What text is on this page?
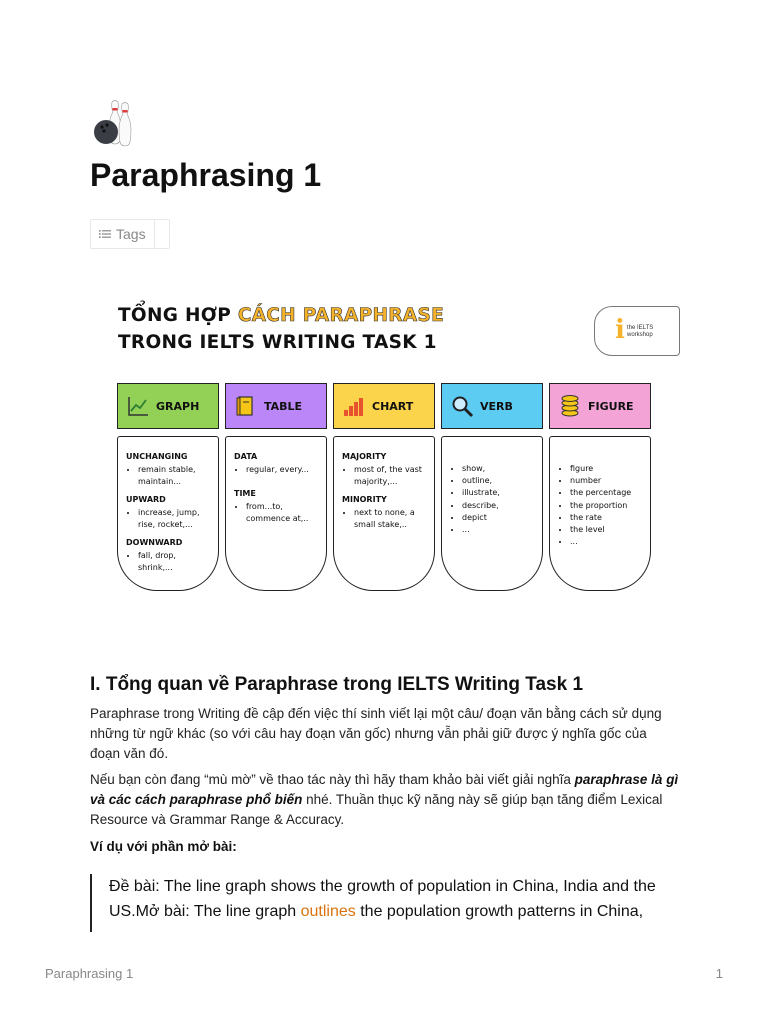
Paraphrasing 1
Tags
TỔNG HỢP CÁCH PARAPHRASE
TRONG IELTS WRITING TASK 1	i the IELTS workshop
GRAPH	TABLE	CHART	VERB	FIGURE
UNCHANGING
• remain stable, maintain...
UPWARD
• increase, jump, rise, rocket,...
DOWNWARD
• fall, drop, shrink,...
DATA
• regular, every...
TIME
• from...to, commence at,..
MAJORITY
• most of, the vast majority,...
MINORITY
• next to none, a small stake,..
• show,
• outline,
• illustrate,
• describe,
• depict
• ...
• figure
• number
• the percentage
• the proportion
• the rate
• the level
• ...
I. Tổng quan về Paraphrase trong IELTS Writing Task 1

Paraphrase trong Writing đề cập đến việc thí sinh viết lại một câu/ đoạn văn bằng cách sử dụng những từ ngữ khác (so với câu hay đoạn văn gốc) nhưng vẫn phải giữ được ý nghĩa gốc của đoạn văn đó.

Nếu bạn còn đang “mù mờ” về thao tác này thì hãy tham khảo bài viết giải nghĩa paraphrase là gì và các cách paraphrase phổ biến nhé. Thuần thục kỹ năng này sẽ giúp bạn tăng điểm Lexical Resource và Grammar Range & Accuracy.

Ví dụ với phần mở bài:

Đề bài: The line graph shows the growth of population in China, India and the US.Mở bài: The line graph outlines the population growth patterns in China,
Paraphrasing 1	1
